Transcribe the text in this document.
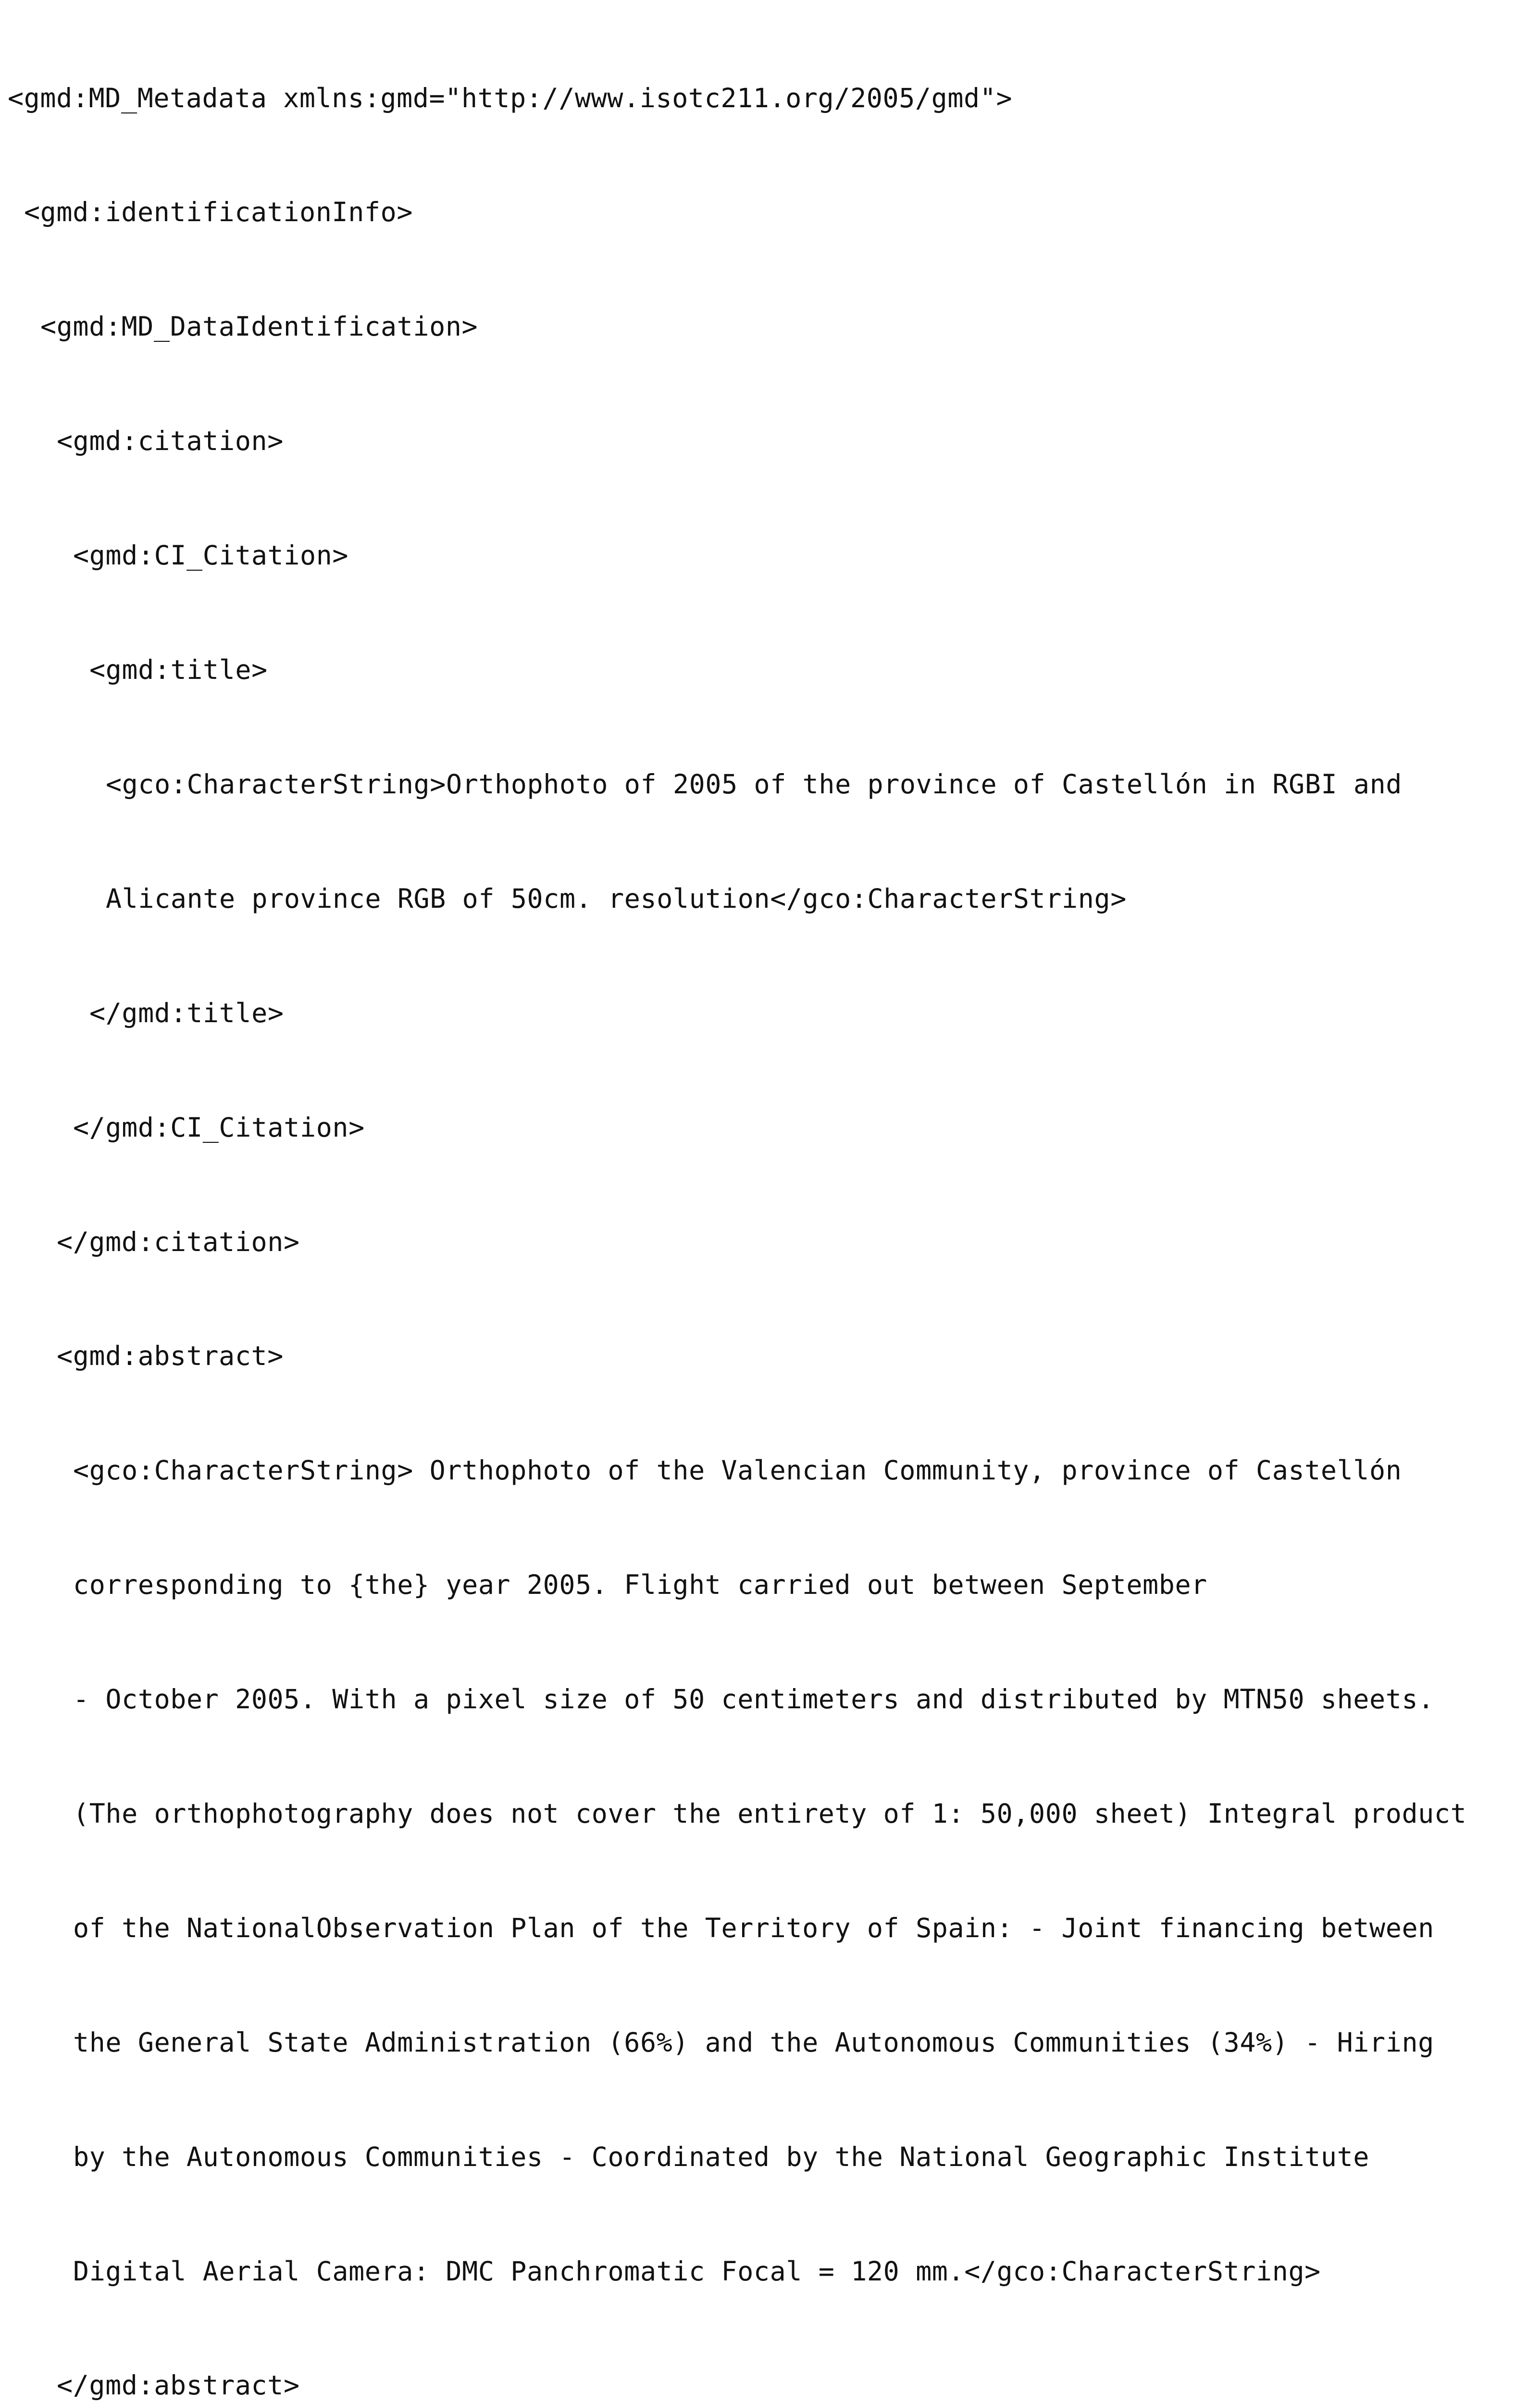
<gmd:MD_Metadata xmlns:gmd="http://www.isotc211.org/2005/gmd">

<gmd:identificationInfo>

<gmd:MD_DataIdentification>

<gmd:citation>

<gmd:CI_Citation>

<gmd:title>

<gco:CharacterString>Orthophoto of 2005 of the province of Castellón in RGBI and

Alicante province RGB of 50cm. resolution</gco:CharacterString>

</gmd:title>

</gmd:CI_Citation>

</gmd:citation>

<gmd:abstract>

<gco:CharacterString> Orthophoto of the Valencian Community, province of Castellón

corresponding to {the} year 2005. Flight carried out between September

- October 2005. With a pixel size of 50 centimeters and distributed by MTN50 sheets.

(The orthophotography does not cover the entirety of 1: 50,000 sheet) Integral product

of the NationalObservation Plan of the Territory of Spain: - Joint financing between

the General State Administration (66%) and the Autonomous Communities (34%) - Hiring

by the Autonomous Communities - Coordinated by the National Geographic Institute

Digital Aerial Camera: DMC Panchromatic Focal = 120 mm.</gco:CharacterString>

</gmd:abstract>
